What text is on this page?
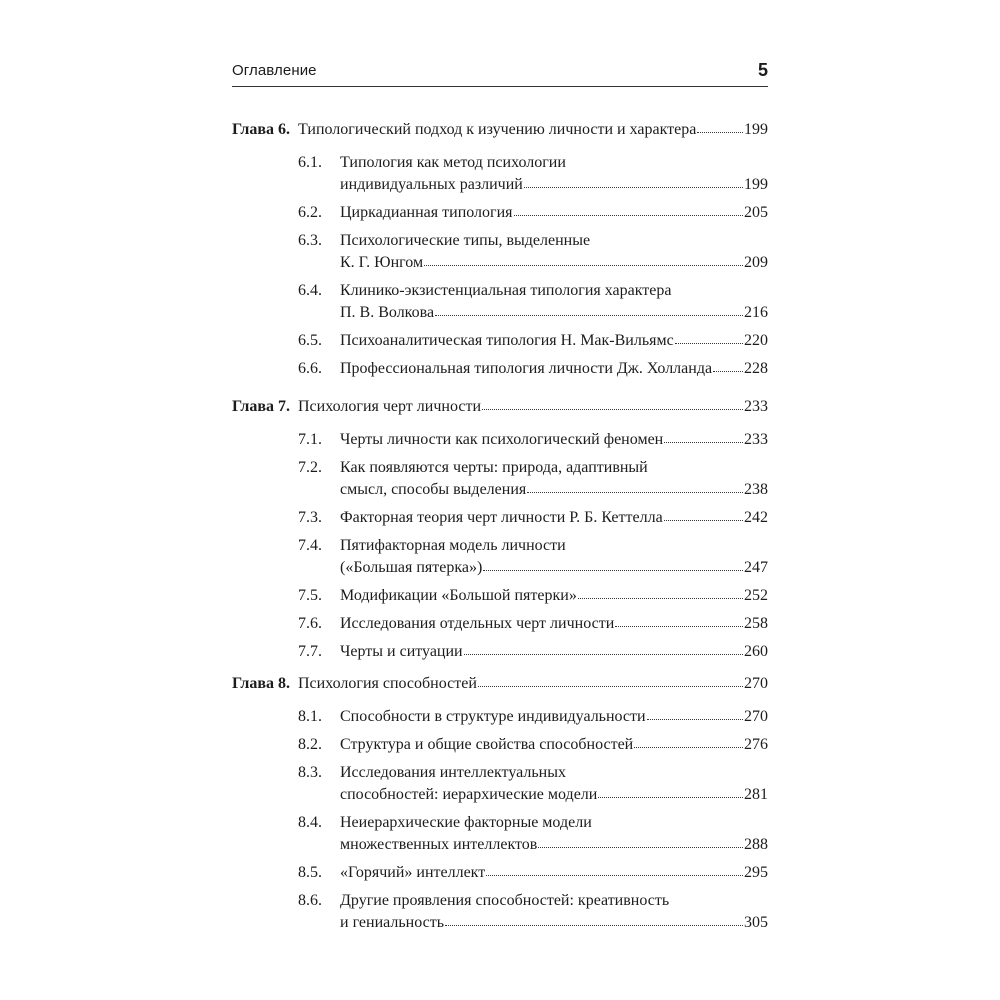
Оглавление	5
Глава 6. Типологический подход к изучению личности и характера	199
6.1.	Типология как метод психологии
индивидуальных различий	199
6.2.	Циркадианная типология	205
6.3.	Психологические типы, выделенные
К. Г. Юнгом	209
6.4.	Клинико-экзистенциальная типология характера
П. В. Волкова	216
6.5.	Психоаналитическая типология Н. Мак-Вильямс	220
6.6.	Профессиональная типология личности Дж. Холланда 228
Глава 7. Психология черт личности	233
7.1.	Черты личности как психологический феномен	233
7.2.	Как появляются черты: природа, адаптивный
смысл, способы выделения	238
7.3.	Факторная теория черт личности Р. Б. Кеттелла	242
7.4.	Пятифакторная модель личности
(«Большая пятерка»)	247
7.5.	Модификации «Большой пятерки»	252
7.6.	Исследования отдельных черт личности	258
7.7.	Черты и ситуации	260
Глава 8. Психология способностей	270
8.1.	Способности в структуре индивидуальности	270
8.2.	Структура и общие свойства способностей	276
8.3.	Исследования интеллектуальных
способностей: иерархические модели	281
8.4.	Неиерархические факторные модели
множественных интеллектов	288
8.5.	«Горячий» интеллект	295
8.6.	Другие проявления способностей: креативность
и гениальность	305
